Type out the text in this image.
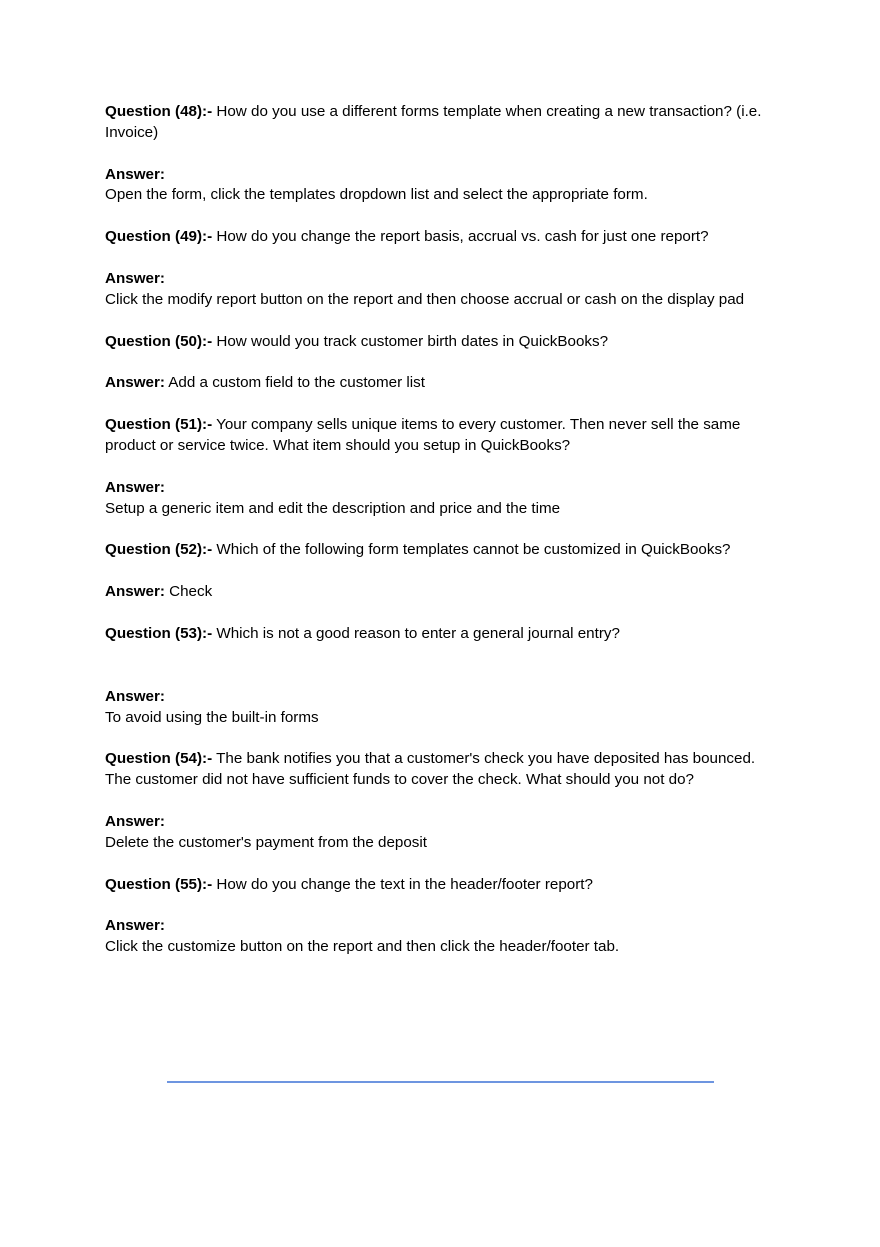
Question (48):- How do you use a different forms template when creating a new transaction? (i.e. Invoice)
Answer:
Open the form, click the templates dropdown list and select the appropriate form.
Question (49):- How do you change the report basis, accrual vs. cash for just one report?
Answer:
Click the modify report button on the report and then choose accrual or cash on the display pad
Question (50):- How would you track customer birth dates in QuickBooks?
Answer: Add a custom field to the customer list
Question (51):- Your company sells unique items to every customer. Then never sell the same product or service twice. What item should you setup in QuickBooks?
Answer:
Setup a generic item and edit the description and price and the time
Question (52):- Which of the following form templates cannot be customized in QuickBooks?
Answer: Check
Question (53):- Which is not a good reason to enter a general journal entry?
Answer:
To avoid using the built-in forms
Question (54):- The bank notifies you that a customer's check you have deposited has bounced. The customer did not have sufficient funds to cover the check. What should you not do?
Answer:
Delete the customer's payment from the deposit
Question (55):- How do you change the text in the header/footer report?
Answer:
Click the customize button on the report and then click the header/footer tab.
